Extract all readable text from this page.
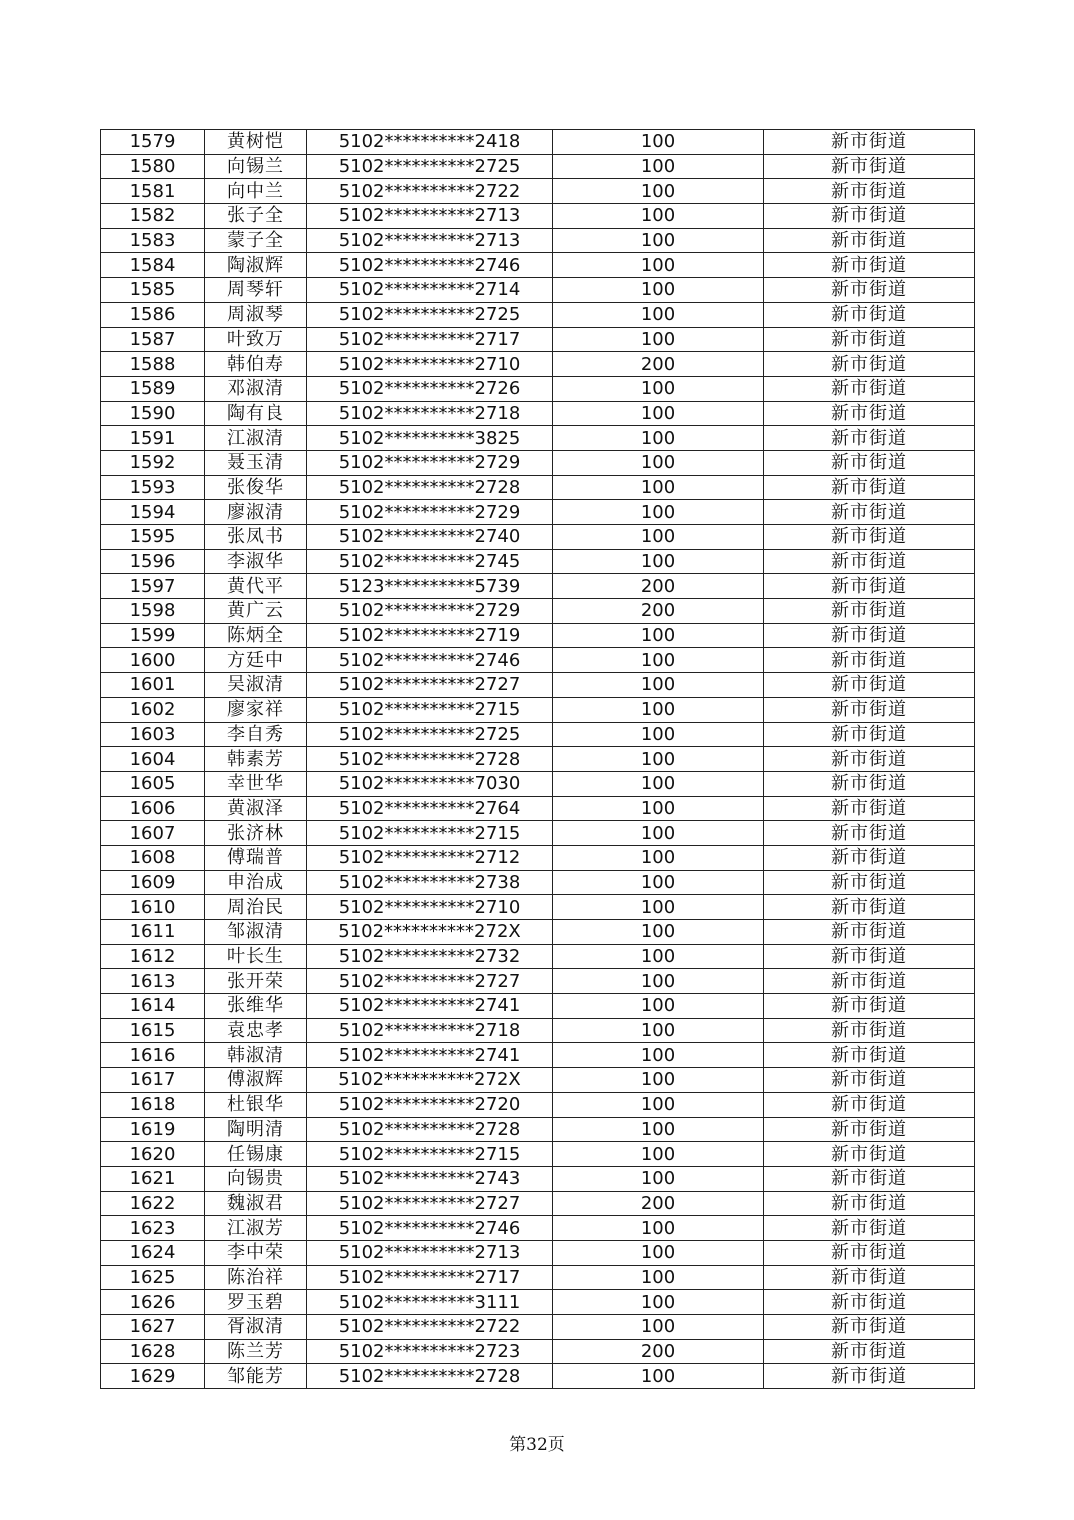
1579	黄树恺	5102**********2418	100	新市街道
1580	向锡兰	5102**********2725	100	新市街道
1581	向中兰	5102**********2722	100	新市街道
1582	张子全	5102**********2713	100	新市街道
1583	蒙子全	5102**********2713	100	新市街道
1584	陶淑辉	5102**********2746	100	新市街道
1585	周琴轩	5102**********2714	100	新市街道
1586	周淑琴	5102**********2725	100	新市街道
1587	叶致万	5102**********2717	100	新市街道
1588	韩伯寿	5102**********2710	200	新市街道
1589	邓淑清	5102**********2726	100	新市街道
1590	陶有良	5102**********2718	100	新市街道
1591	江淑清	5102**********3825	100	新市街道
1592	聂玉清	5102**********2729	100	新市街道
1593	张俊华	5102**********2728	100	新市街道
1594	廖淑清	5102**********2729	100	新市街道
1595	张凤书	5102**********2740	100	新市街道
1596	李淑华	5102**********2745	100	新市街道
1597	黄代平	5123**********5739	200	新市街道
1598	黄广云	5102**********2729	200	新市街道
1599	陈炳全	5102**********2719	100	新市街道
1600	方廷中	5102**********2746	100	新市街道
1601	吴淑清	5102**********2727	100	新市街道
1602	廖家祥	5102**********2715	100	新市街道
1603	李自秀	5102**********2725	100	新市街道
1604	韩素芳	5102**********2728	100	新市街道
1605	幸世华	5102**********7030	100	新市街道
1606	黄淑泽	5102**********2764	100	新市街道
1607	张济林	5102**********2715	100	新市街道
1608	傅瑞普	5102**********2712	100	新市街道
1609	申治成	5102**********2738	100	新市街道
1610	周治民	5102**********2710	100	新市街道
1611	邹淑清	5102**********272X	100	新市街道
1612	叶长生	5102**********2732	100	新市街道
1613	张开荣	5102**********2727	100	新市街道
1614	张维华	5102**********2741	100	新市街道
1615	袁忠孝	5102**********2718	100	新市街道
1616	韩淑清	5102**********2741	100	新市街道
1617	傅淑辉	5102**********272X	100	新市街道
1618	杜银华	5102**********2720	100	新市街道
1619	陶明清	5102**********2728	100	新市街道
1620	任锡康	5102**********2715	100	新市街道
1621	向锡贵	5102**********2743	100	新市街道
1622	魏淑君	5102**********2727	200	新市街道
1623	江淑芳	5102**********2746	100	新市街道
1624	李中荣	5102**********2713	100	新市街道
1625	陈治祥	5102**********2717	100	新市街道
1626	罗玉碧	5102**********3111	100	新市街道
1627	胥淑清	5102**********2722	100	新市街道
1628	陈兰芳	5102**********2723	200	新市街道
1629	邹能芳	5102**********2728	100	新市街道
第32页
